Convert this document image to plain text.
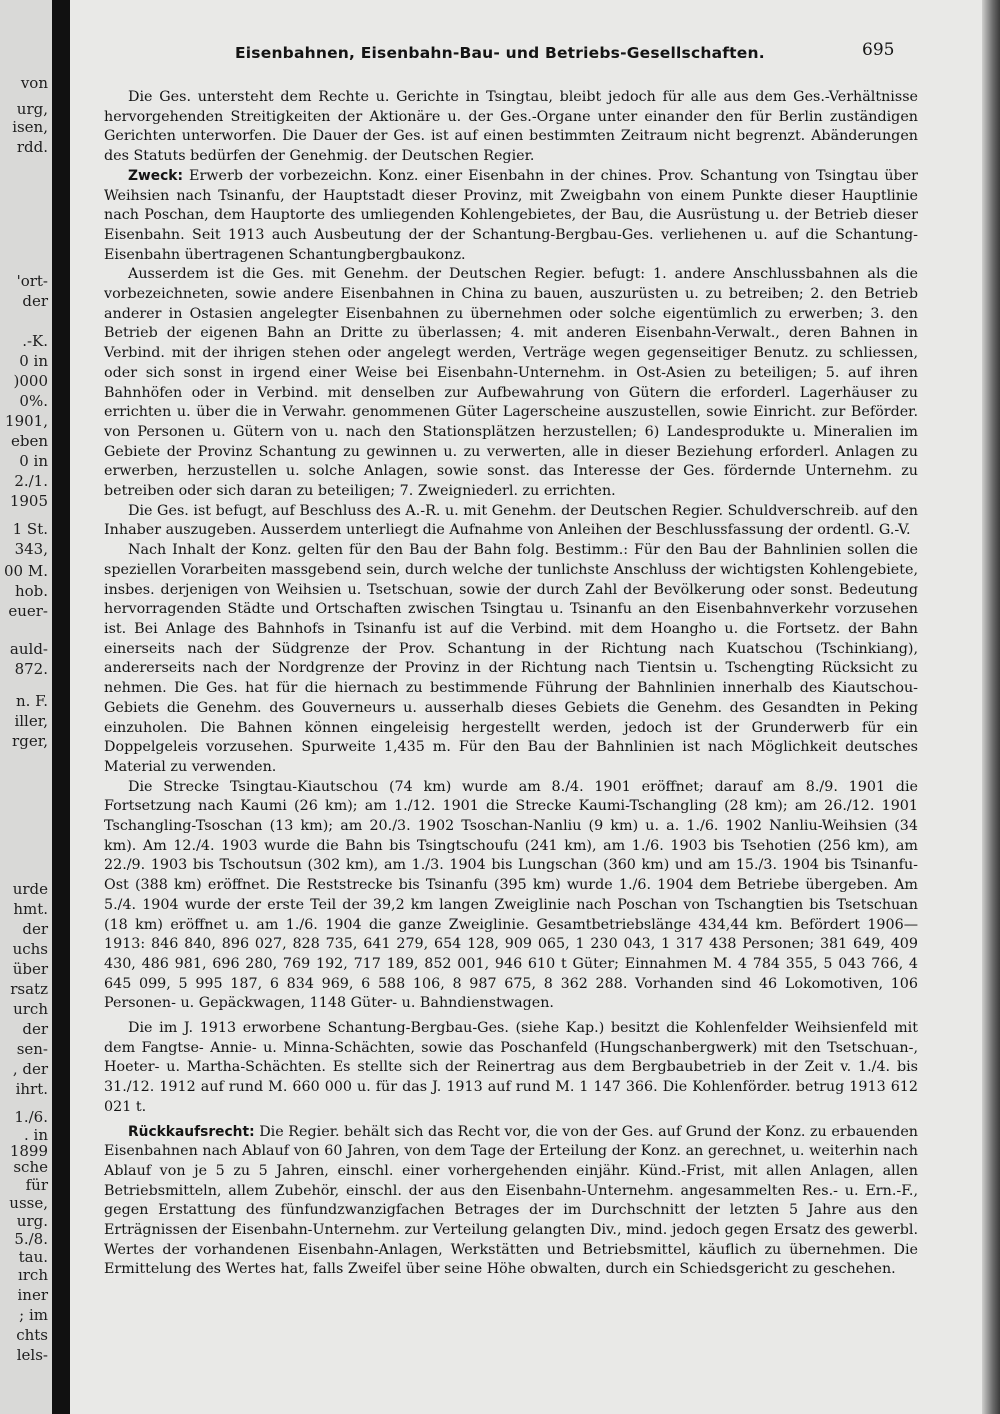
von
urg,
isen,
rdd.
'ort-
der
.-K.
0 in
)000
0%.
1901,
eben
0 in
2./1.
1905
1 St.
343,
00 M.
hob.
euer-
auld-
872.
n. F.
iller,
rger,
urde
hmt.
der
uchs
über
rsatz
urch
der
sen-
, der
ihrt.
1./6.
. in
1899
sche
für
usse,
urg.
5./8.
tau.
ırch
iner
; im
chts
lels-
Eisenbahnen, Eisenbahn-Bau- und Betriebs-Gesellschaften.	695

Die Ges. untersteht dem Rechte u. Gerichte in Tsingtau, bleibt jedoch für alle aus dem Ges.-Verhältnisse hervorgehenden Streitigkeiten der Aktionäre u. der Ges.-Organe unter einander den für Berlin zuständigen Gerichten unterworfen. Die Dauer der Ges. ist auf einen bestimmten Zeitraum nicht begrenzt. Abänderungen des Statuts bedürfen der Genehmig. der Deutschen Regier.

Zweck: Erwerb der vorbezeichn. Konz. einer Eisenbahn in der chines. Prov. Schantung von Tsingtau über Weihsien nach Tsinanfu, der Hauptstadt dieser Provinz, mit Zweigbahn von einem Punkte dieser Hauptlinie nach Poschan, dem Hauptorte des umliegenden Kohlengebietes, der Bau, die Ausrüstung u. der Betrieb dieser Eisenbahn. Seit 1913 auch Ausbeutung der der Schantung-Bergbau-Ges. verliehenen u. auf die Schantung-Eisenbahn übertragenen Schantungbergbaukonz.

Ausserdem ist die Ges. mit Genehm. der Deutschen Regier. befugt: 1. andere Anschlussbahnen als die vorbezeichneten, sowie andere Eisenbahnen in China zu bauen, auszurüsten u. zu betreiben; 2. den Betrieb anderer in Ostasien angelegter Eisenbahnen zu übernehmen oder solche eigentümlich zu erwerben; 3. den Betrieb der eigenen Bahn an Dritte zu überlassen; 4. mit anderen Eisenbahn-Verwalt., deren Bahnen in Verbind. mit der ihrigen stehen oder angelegt werden, Verträge wegen gegenseitiger Benutz. zu schliessen, oder sich sonst in irgend einer Weise bei Eisenbahn-Unternehm. in Ost-Asien zu beteiligen; 5. auf ihren Bahnhöfen oder in Verbind. mit denselben zur Aufbewahrung von Gütern die erforderl. Lagerhäuser zu errichten u. über die in Verwahr. genommenen Güter Lagerscheine auszustellen, sowie Einricht. zur Beförder. von Personen u. Gütern von u. nach den Stationsplätzen herzustellen; 6) Landesprodukte u. Mineralien im Gebiete der Provinz Schantung zu gewinnen u. zu verwerten, alle in dieser Beziehung erforderl. Anlagen zu erwerben, herzustellen u. solche Anlagen, sowie sonst. das Interesse der Ges. fördernde Unternehm. zu betreiben oder sich daran zu beteiligen; 7. Zweigniederl. zu errichten.

Die Ges. ist befugt, auf Beschluss des A.-R. u. mit Genehm. der Deutschen Regier. Schuldverschreib. auf den Inhaber auszugeben. Ausserdem unterliegt die Aufnahme von Anleihen der Beschlussfassung der ordentl. G.-V.

Nach Inhalt der Konz. gelten für den Bau der Bahn folg. Bestimm.: Für den Bau der Bahnlinien sollen die speziellen Vorarbeiten massgebend sein, durch welche der tunlichste Anschluss der wichtigsten Kohlengebiete, insbes. derjenigen von Weihsien u. Tsetschuan, sowie der durch Zahl der Bevölkerung oder sonst. Bedeutung hervorragenden Städte und Ortschaften zwischen Tsingtau u. Tsinanfu an den Eisenbahnverkehr vorzusehen ist. Bei Anlage des Bahnhofs in Tsinanfu ist auf die Verbind. mit dem Hoangho u. die Fortsetz. der Bahn einerseits nach der Südgrenze der Prov. Schantung in der Richtung nach Kuatschou (Tschinkiang), andererseits nach der Nordgrenze der Provinz in der Richtung nach Tientsin u. Tschengting Rücksicht zu nehmen. Die Ges. hat für die hiernach zu bestimmende Führung der Bahnlinien innerhalb des Kiautschou-Gebiets die Genehm. des Gouverneurs u. ausserhalb dieses Gebiets die Genehm. des Gesandten in Peking einzuholen. Die Bahnen können eingeleisig hergestellt werden, jedoch ist der Grunderwerb für ein Doppelgeleis vorzusehen. Spurweite 1,435 m. Für den Bau der Bahnlinien ist nach Möglichkeit deutsches Material zu verwenden.

Die Strecke Tsingtau-Kiautschou (74 km) wurde am 8./4. 1901 eröffnet; darauf am 8./9. 1901 die Fortsetzung nach Kaumi (26 km); am 1./12. 1901 die Strecke Kaumi-Tschangling (28 km); am 26./12. 1901 Tschangling-Tsoschan (13 km); am 20./3. 1902 Tsoschan-Nanliu (9 km) u. a. 1./6. 1902 Nanliu-Weihsien (34 km). Am 12./4. 1903 wurde die Bahn bis Tsingtschoufu (241 km), am 1./6. 1903 bis Tsehotien (256 km), am 22./9. 1903 bis Tschoutsun (302 km), am 1./3. 1904 bis Lungschan (360 km) und am 15./3. 1904 bis Tsinanfu-Ost (388 km) eröffnet. Die Reststrecke bis Tsinanfu (395 km) wurde 1./6. 1904 dem Betriebe übergeben. Am 5./4. 1904 wurde der erste Teil der 39,2 km langen Zweiglinie nach Poschan von Tschangtien bis Tsetschuan (18 km) eröffnet u. am 1./6. 1904 die ganze Zweiglinie. Gesamtbetriebslänge 434,44 km. Befördert 1906—1913: 846 840, 896 027, 828 735, 641 279, 654 128, 909 065, 1 230 043, 1 317 438 Personen; 381 649, 409 430, 486 981, 696 280, 769 192, 717 189, 852 001, 946 610 t Güter; Einnahmen M. 4 784 355, 5 043 766, 4 645 099, 5 995 187, 6 834 969, 6 588 106, 8 987 675, 8 362 288. Vorhanden sind 46 Lokomotiven, 106 Personen- u. Gepäckwagen, 1148 Güter- u. Bahndienstwagen.

Die im J. 1913 erworbene Schantung-Bergbau-Ges. (siehe Kap.) besitzt die Kohlenfelder Weihsienfeld mit dem Fangtse- Annie- u. Minna-Schächten, sowie das Poschanfeld (Hungschanbergwerk) mit den Tsetschuan-, Hoeter- u. Martha-Schächten. Es stellte sich der Reinertrag aus dem Bergbaubetrieb in der Zeit v. 1./4. bis 31./12. 1912 auf rund M. 660 000 u. für das J. 1913 auf rund M. 1 147 366. Die Kohlenförder. betrug 1913 612 021 t.

Rückkaufsrecht: Die Regier. behält sich das Recht vor, die von der Ges. auf Grund der Konz. zu erbauenden Eisenbahnen nach Ablauf von 60 Jahren, von dem Tage der Erteilung der Konz. an gerechnet, u. weiterhin nach Ablauf von je 5 zu 5 Jahren, einschl. einer vorhergehenden einjähr. Künd.-Frist, mit allen Anlagen, allen Betriebsmitteln, allem Zubehör, einschl. der aus den Eisenbahn-Unternehm. angesammelten Res.- u. Ern.-F., gegen Erstattung des fünfundzwanzigfachen Betrages der im Durchschnitt der letzten 5 Jahre aus den Erträgnissen der Eisenbahn-Unternehm. zur Verteilung gelangten Div., mind. jedoch gegen Ersatz des gewerbl. Wertes der vorhandenen Eisenbahn-Anlagen, Werkstätten und Betriebsmittel, käuflich zu übernehmen. Die Ermittelung des Wertes hat, falls Zweifel über seine Höhe obwalten, durch ein Schiedsgericht zu geschehen.
